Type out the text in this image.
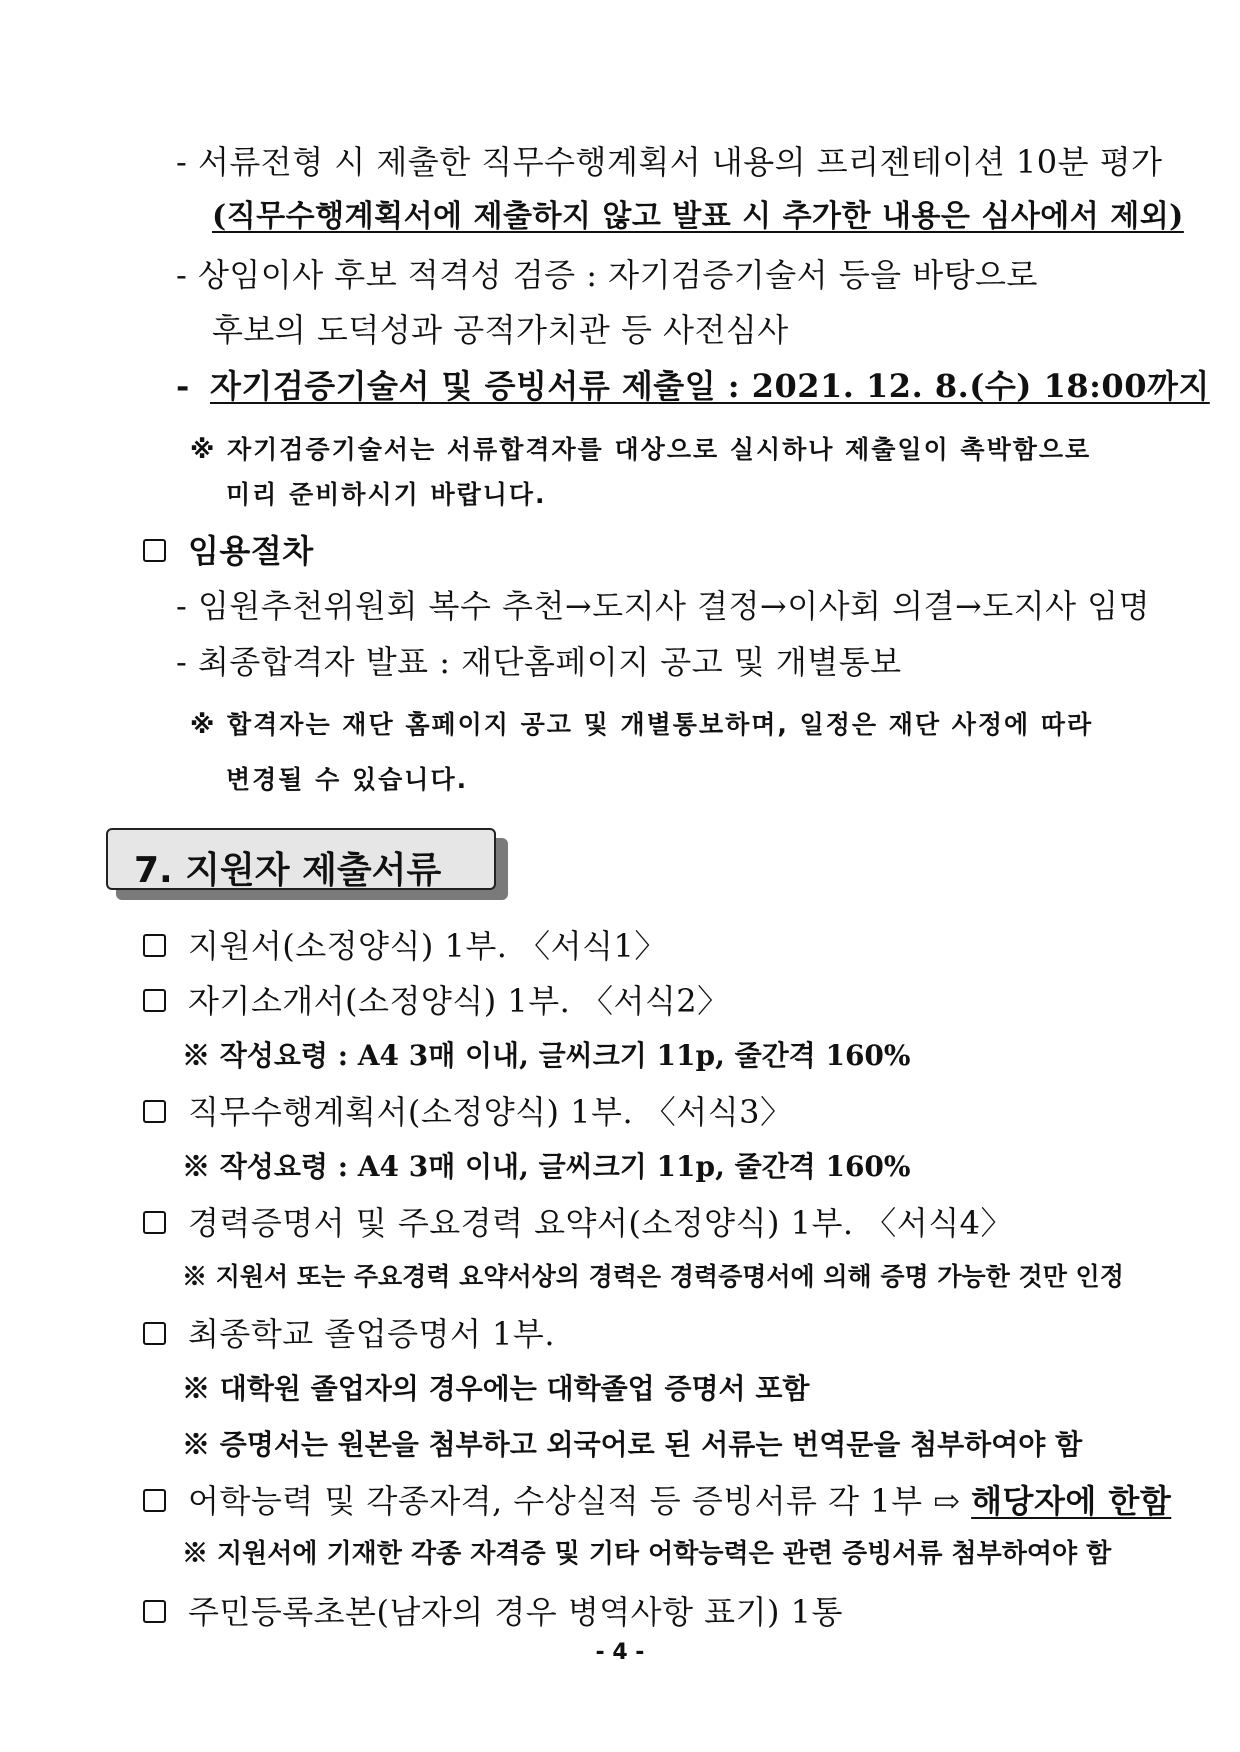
- 서류전형 시 제출한 직무수행계획서 내용의 프리젠테이션 10분 평가
(직무수행계획서에 제출하지 않고 발표 시 추가한 내용은 심사에서 제외)
- 상임이사 후보 적격성 검증 : 자기검증기술서 등을 바탕으로
후보의 도덕성과 공적가치관 등 사전심사
- 자기검증기술서 및 증빙서류 제출일 : 2021. 12. 8.(수) 18:00까지
※ 자기검증기술서는 서류합격자를 대상으로 실시하나 제출일이 촉박함으로
미리 준비하시기 바랍니다.
임용절차
- 임원추천위원회 복수 추천→도지사 결정→이사회 의결→도지사 임명
- 최종합격자 발표 : 재단홈페이지 공고 및 개별통보
※ 합격자는 재단 홈페이지 공고 및 개별통보하며, 일정은 재단 사정에 따라
변경될 수 있습니다.
7. 지원자 제출서류
지원서(소정양식) 1부. 〈서식1〉
자기소개서(소정양식) 1부. 〈서식2〉
※ 작성요령 : A4 3매 이내, 글씨크기 11p, 줄간격 160%
직무수행계획서(소정양식) 1부. 〈서식3〉
※ 작성요령 : A4 3매 이내, 글씨크기 11p, 줄간격 160%
경력증명서 및 주요경력 요약서(소정양식) 1부. 〈서식4〉
※ 지원서 또는 주요경력 요약서상의 경력은 경력증명서에 의해 증명 가능한 것만 인정
최종학교 졸업증명서 1부.
※ 대학원 졸업자의 경우에는 대학졸업 증명서 포함
※ 증명서는 원본을 첨부하고 외국어로 된 서류는 번역문을 첨부하여야 함
어학능력 및 각종자격, 수상실적 등 증빙서류 각 1부 ⇨ 해당자에 한함
※ 지원서에 기재한 각종 자격증 및 기타 어학능력은 관련 증빙서류 첨부하여야 함
주민등록초본(남자의 경우 병역사항 표기) 1통
- 4 -
